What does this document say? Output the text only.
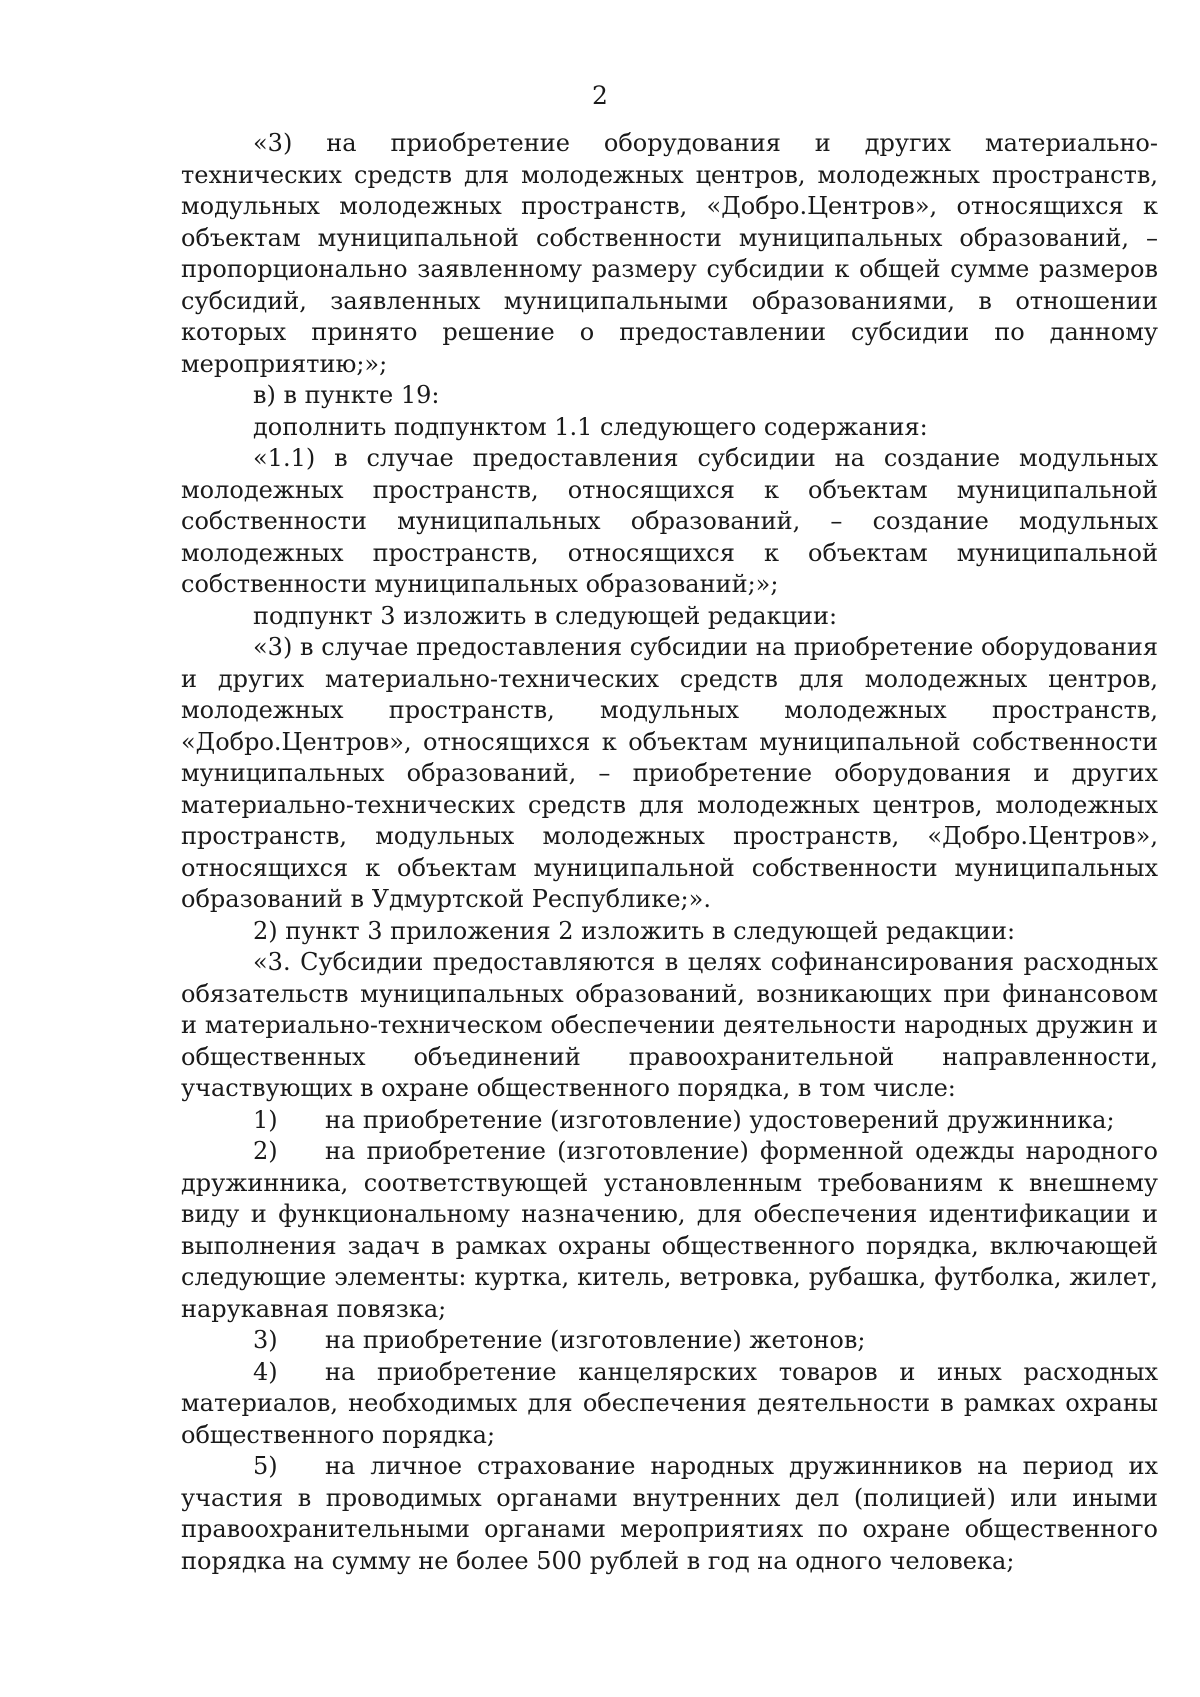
2

«3) на приобретение оборудования и других материально-технических средств для молодежных центров, молодежных пространств, модульных молодежных пространств, «Добро.Центров», относящихся к объектам муниципальной собственности муниципальных образований, – пропорционально заявленному размеру субсидии к общей сумме размеров субсидий, заявленных муниципальными образованиями, в отношении которых принято решение о предоставлении субсидии по данному мероприятию;»;

в) в пункте 19:

дополнить подпунктом 1.1 следующего содержания:

«1.1) в случае предоставления субсидии на создание модульных молодежных пространств, относящихся к объектам муниципальной собственности муниципальных образований, – создание модульных молодежных пространств, относящихся к объектам муниципальной собственности муниципальных образований;»;

подпункт 3 изложить в следующей редакции:

«3) в случае предоставления субсидии на приобретение оборудования и других материально-технических средств для молодежных центров, молодежных пространств, модульных молодежных пространств, «Добро.Центров», относящихся к объектам муниципальной собственности муниципальных образований, – приобретение оборудования и других материально-технических средств для молодежных центров, молодежных пространств, модульных молодежных пространств, «Добро.Центров», относящихся к объектам муниципальной собственности муниципальных образований в Удмуртской Республике;».

2) пункт 3 приложения 2 изложить в следующей редакции:

«3. Субсидии предоставляются в целях софинансирования расходных обязательств муниципальных образований, возникающих при финансовом и материально-техническом обеспечении деятельности народных дружин и общественных объединений правоохранительной направленности, участвующих в охране общественного порядка, в том числе:

1) на приобретение (изготовление) удостоверений дружинника;

2) на приобретение (изготовление) форменной одежды народного дружинника, соответствующей установленным требованиям к внешнему виду и функциональному назначению, для обеспечения идентификации и выполнения задач в рамках охраны общественного порядка, включающей следующие элементы: куртка, китель, ветровка, рубашка, футболка, жилет, нарукавная повязка;

3) на приобретение (изготовление) жетонов;

4) на приобретение канцелярских товаров и иных расходных материалов, необходимых для обеспечения деятельности в рамках охраны общественного порядка;

5) на личное страхование народных дружинников на период их участия в проводимых органами внутренних дел (полицией) или иными правоохранительными органами мероприятиях по охране общественного порядка на сумму не более 500 рублей в год на одного человека;
